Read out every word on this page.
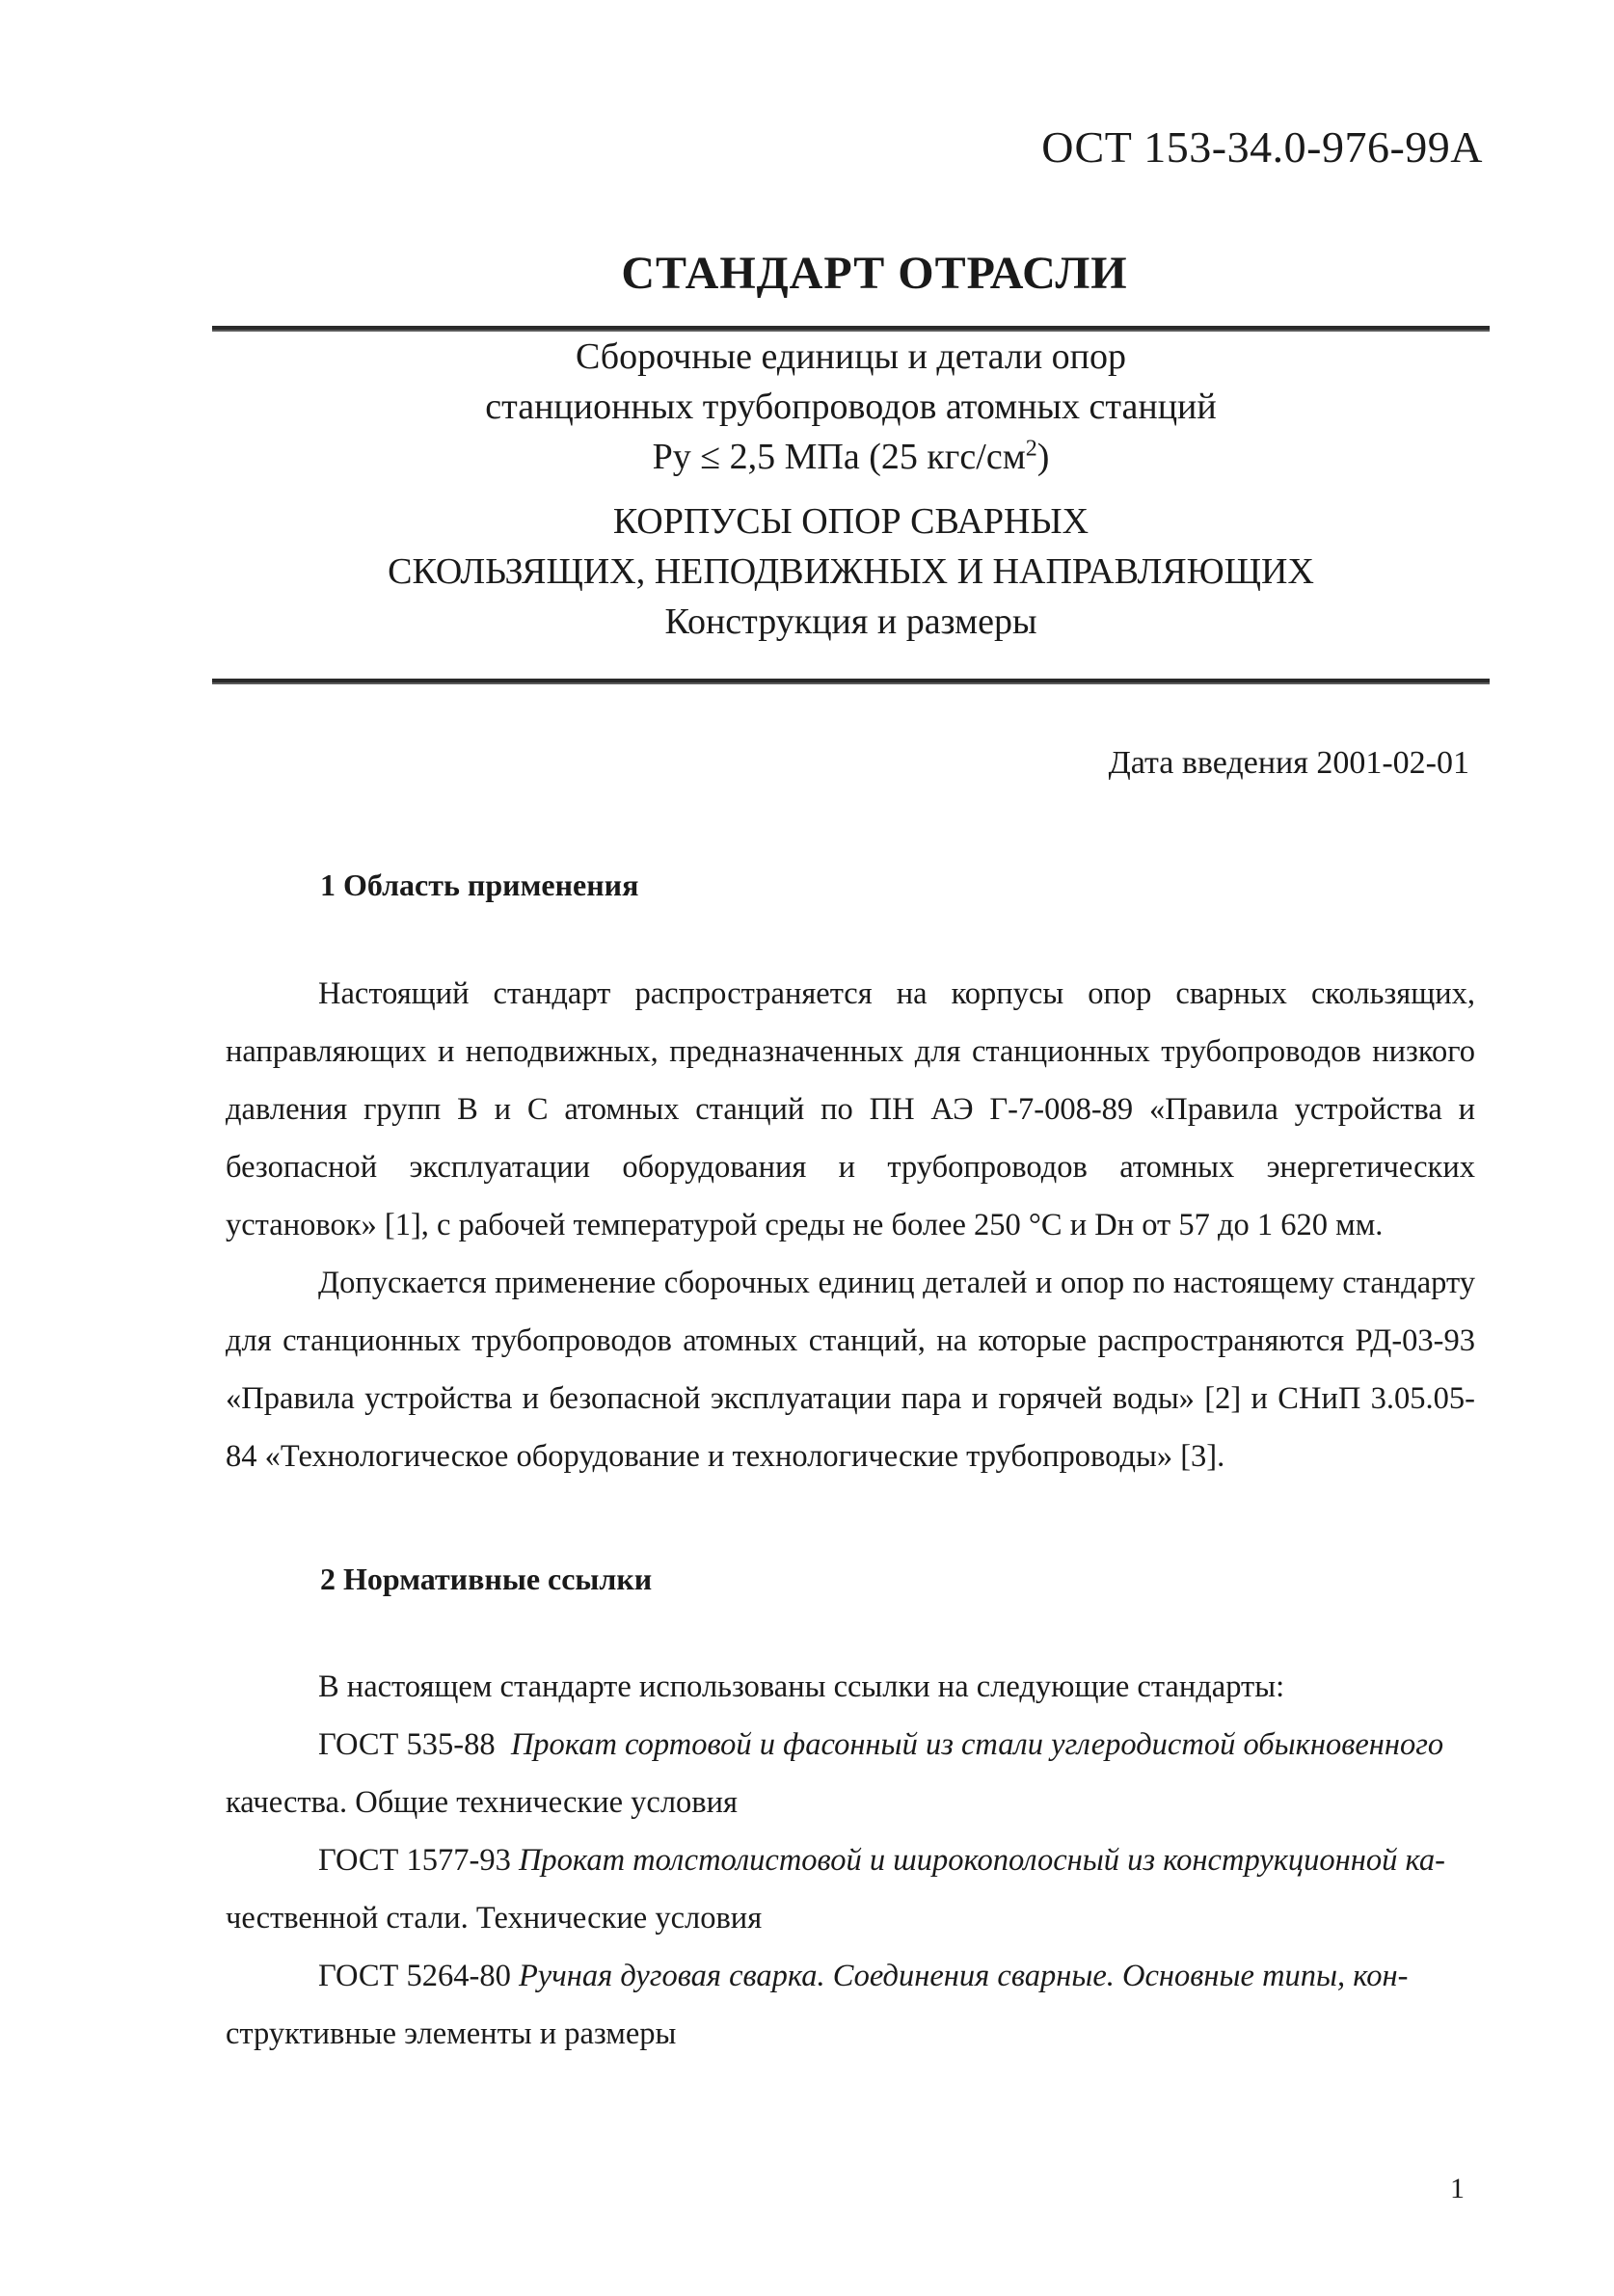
ОСТ 153-34.0-976-99А
СТАНДАРТ ОТРАСЛИ
Сборочные единицы и детали опор
станционных трубопроводов атомных станций
Ру ≤ 2,5 МПа (25 кгс/$см^2$)
КОРПУСЫ ОПОР СВАРНЫХ
СКОЛЬЗЯЩИХ, НЕПОДВИЖНЫХ И НАПРАВЛЯЮЩИХ
Конструкция и размеры
Дата введения 2001-02-01
1 Область применения

Настоящий стандарт распространяется на корпусы опор сварных скользящих, направляющих и неподвижных, предназначенных для станционных трубопроводов низкого давления групп В и С атомных станций по ПН АЭ Г-7-008-89 «Правила устройства и безопасной эксплуатации оборудования и трубопроводов атомных энергетических установок» [1], с рабочей температурой среды не более 250 °С и Dн от 57 до 1 620 мм.

Допускается применение сборочных единиц деталей и опор по настоящему стандарту для станционных трубопроводов атомных станций, на которые распространяются РД-03-93 «Правила устройства и безопасной эксплуатации пара и горячей воды» [2] и СНиП 3.05.05-84 «Технологическое оборудование и технологические трубопроводы» [3].

2 Нормативные ссылки

В настоящем стандарте использованы ссылки на следующие стандарты:

ГОСТ 535-88 Прокат сортовой и фасонный из стали углеродистой обыкновенного
качества. Общие технические условия

ГОСТ 1577-93 Прокат толстолистовой и широкополосный из конструкционной ка-
чественной стали. Технические условия

ГОСТ 5264-80 Ручная дуговая сварка. Соединения сварные. Основные типы, кон-
структивные элементы и размеры

1
